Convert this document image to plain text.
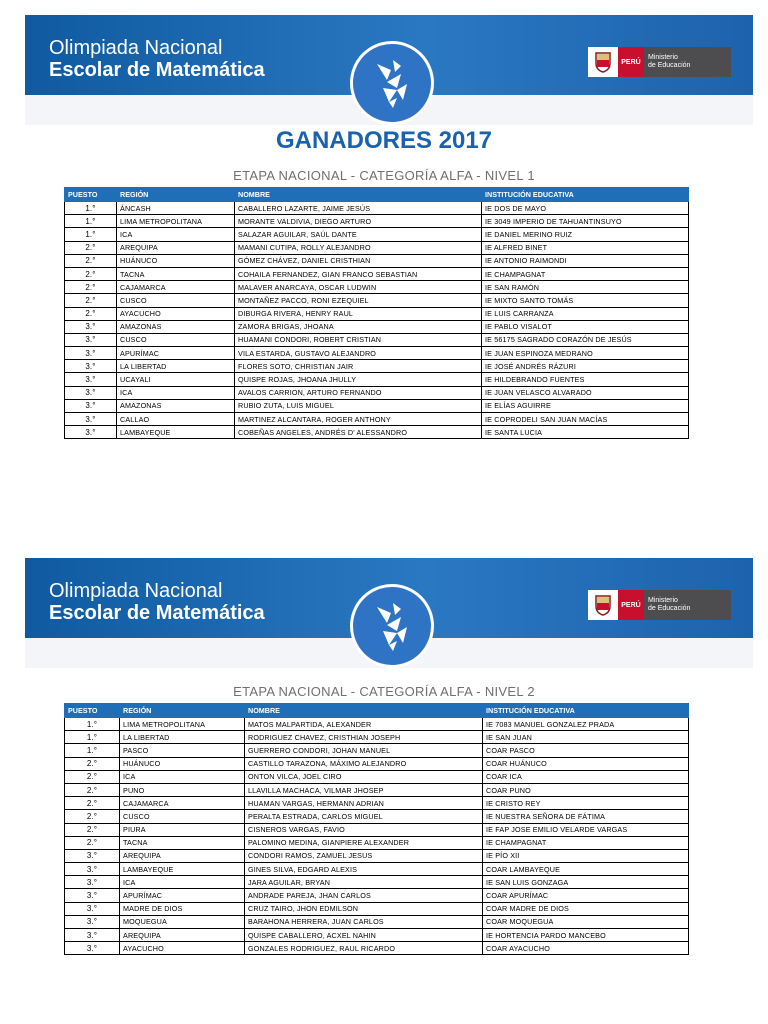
Olimpiada Nacional
Escolar de Matemática	PERÚ
Ministerio
de Educación
GANADORES 2017
ETAPA NACIONAL - CATEGORÍA ALFA - NIVEL 1
PUESTO	REGIÓN	NOMBRE	INSTITUCIÓN EDUCATIVA
1.°	ÁNCASH	CABALLERO LAZARTE, JAIME JESÚS	IE DOS DE MAYO
1.°	LIMA METROPOLITANA	MORANTE VALDIVIA, DIEGO ARTURO	IE 3049 IMPERIO DE TAHUANTINSUYO
1.°	ICA	SALAZAR AGUILAR, SAÚL DANTE	IE DANIEL MERINO RUIZ
2.°	AREQUIPA	MAMANI CUTIPA, ROLLY ALEJANDRO	IE ALFRED BINET
2.°	HUÁNUCO	GÓMEZ CHÁVEZ, DANIEL CRISTHIAN	IE ANTONIO RAIMONDI
2.°	TACNA	COHAILA FERNANDEZ, GIAN FRANCO SEBASTIAN	IE CHAMPAGNAT
2.°	CAJAMARCA	MALAVER ANARCAYA, OSCAR LUDWIN	IE SAN RAMÓN
2.°	CUSCO	MONTAÑEZ PACCO, RONI EZEQUIEL	IE MIXTO SANTO TOMÁS
2.°	AYACUCHO	DIBURGA RIVERA, HENRY RAUL	IE LUIS CARRANZA
3.°	AMAZONAS	ZAMORA BRIGAS, JHOANA	IE PABLO VISALOT
3.°	CUSCO	HUAMANI CONDORI, ROBERT CRISTIAN	IE 56175 SAGRADO CORAZÓN DE JESÚS
3.°	APURÍMAC	VILA ESTARDA, GUSTAVO ALEJANDRO	IE JUAN ESPINOZA MEDRANO
3.°	LA LIBERTAD	FLORES SOTO, CHRISTIAN JAIR	IE JOSÉ ANDRÉS RÁZURI
3.°	UCAYALI	QUISPE ROJAS, JHOANA JHULLY	IE HILDEBRANDO FUENTES
3.°	ICA	AVALOS CARRION, ARTURO FERNANDO	IE JUAN VELASCO ALVARADO
3.°	AMAZONAS	RUBIO ZUTA, LUIS MIGUEL	IE ELÍAS AGUIRRE
3.°	CALLAO	MARTINEZ ALCANTARA, ROGER ANTHONY	IE COPRODELI SAN JUAN MACÍAS
3.°	LAMBAYEQUE	COBEÑAS ANGELES, ANDRÉS D' ALESSANDRO	IE SANTA LUCIA
Olimpiada Nacional
Escolar de Matemática	PERÚ
Ministerio
de Educación
ETAPA NACIONAL - CATEGORÍA ALFA - NIVEL 2
PUESTO	REGIÓN	NOMBRE	INSTITUCIÓN EDUCATIVA
1.°	LIMA METROPOLITANA	MATOS MALPARTIDA, ALEXANDER	IE 7083 MANUEL GONZALEZ PRADA
1.°	LA LIBERTAD	RODRIGUEZ CHAVEZ, CRISTHIAN JOSEPH	IE SAN JUAN
1.°	PASCO	GUERRERO CONDORI, JOHAN MANUEL	COAR PASCO
2.°	HUÁNUCO	CASTILLO TARAZONA, MÁXIMO ALEJANDRO	COAR HUÁNUCO
2.°	ICA	ONTON VILCA, JOEL CIRO	COAR ICA
2.°	PUNO	LLAVILLA MACHACA, VILMAR JHOSEP	COAR PUNO
2.°	CAJAMARCA	HUAMAN VARGAS, HERMANN ADRIAN	IE CRISTO REY
2.°	CUSCO	PERALTA ESTRADA, CARLOS MIGUEL	IE NUESTRA SEÑORA DE FÁTIMA
2.°	PIURA	CISNEROS VARGAS, FAVIO	IE FAP JOSE EMILIO VELARDE VARGAS
2.°	TACNA	PALOMINO MEDINA, GIANPIERE ALEXANDER	IE CHAMPAGNAT
3.°	AREQUIPA	CONDORI RAMOS, ZAMUEL JESUS	IE PÍO XII
3.°	LAMBAYEQUE	GINES SILVA, EDGARD ALEXIS	COAR LAMBAYEQUE
3.°	ICA	JARA AGUILAR, BRYAN	IE SAN LUIS GONZAGA
3.°	APURÍMAC	ANDRADE PAREJA, JHAN CARLOS	COAR APURÍMAC
3.°	MADRE DE DIOS	CRUZ TAIRO, JHON EDMILSON	COAR MADRE DE DIOS
3.°	MOQUEGUA	BARAHONA HERRERA, JUAN CARLOS	COAR MOQUEGUA
3.°	AREQUIPA	QUISPE CABALLERO, ACXEL NAHIN	IE HORTENCIA PARDO MANCEBO
3.°	AYACUCHO	GONZALES RODRIGUEZ, RAUL RICARDO	COAR AYACUCHO
